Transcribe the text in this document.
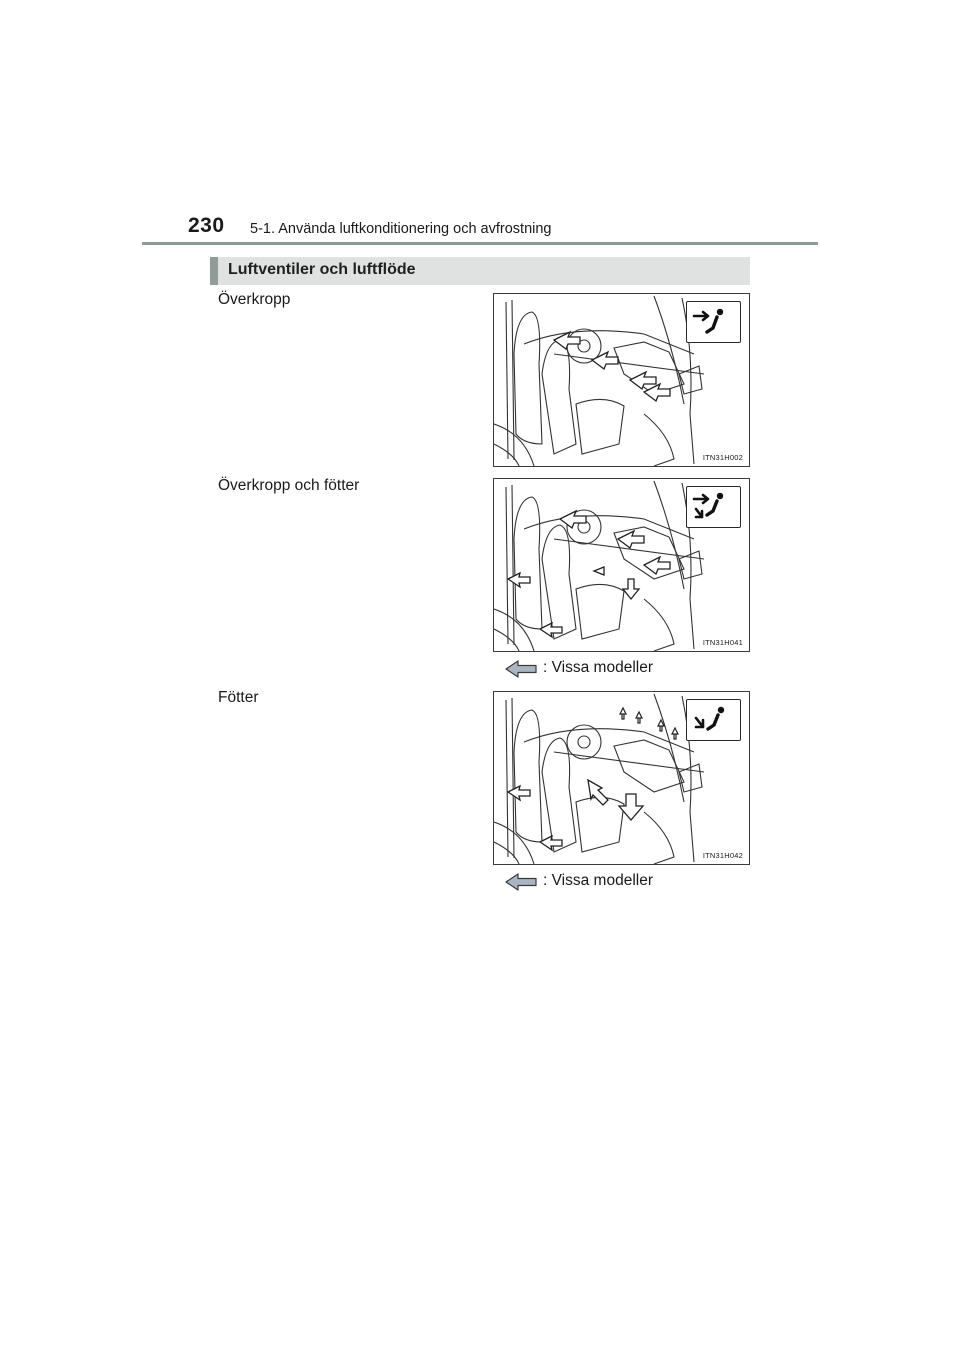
230 5-1. Använda luftkonditionering och avfrostning
Luftventiler och luftflöde
Överkropp
ITN31H002
Överkropp och fötter
ITN31H041
: Vissa modeller
Fötter
ITN31H042
: Vissa modeller
